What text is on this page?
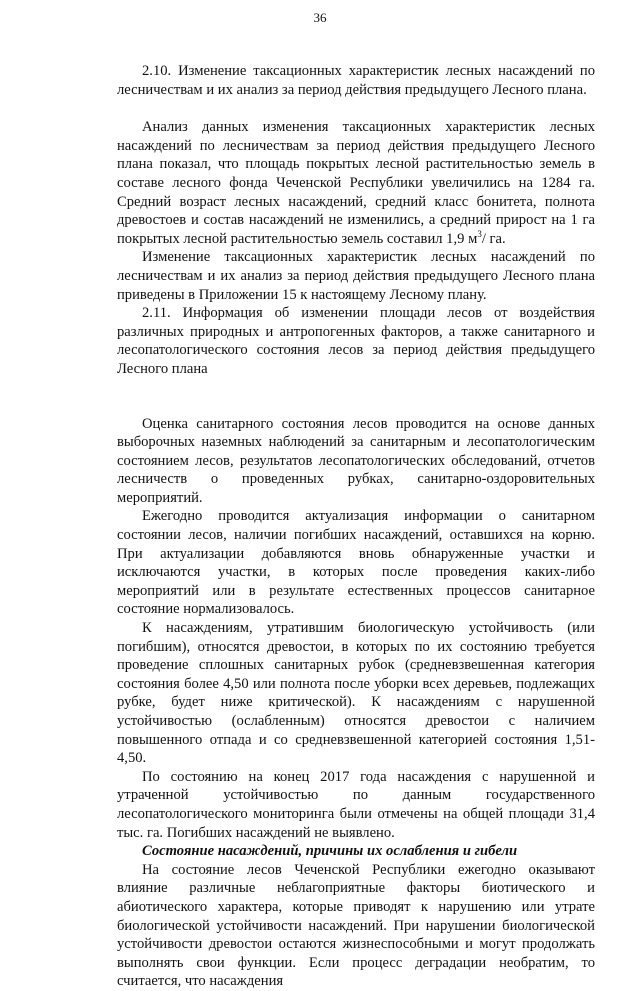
36

2.10. Изменение таксационных характеристик лесных насаждений по лесничествам и их анализ за период действия предыдущего Лесного плана.

Анализ данных изменения таксационных характеристик лесных насаждений по лесничествам за период действия предыдущего Лесного плана показал, что площадь покрытых лесной растительностью земель в составе лесного фонда Чеченской Республики увеличились на 1284 га. Средний возраст лесных насаждений, средний класс бонитета, полнота древостоев и состав насаждений не изменились, а средний прирост на 1 га покрытых лесной растительностью земель составил 1,9 $м^3/$ га.

Изменение таксационных характеристик лесных насаждений по лесничествам и их анализ за период действия предыдущего Лесного плана приведены в Приложении 15 к настоящему Лесному плану.

2.11. Информация об изменении площади лесов от воздействия различных природных и антропогенных факторов, а также санитарного и лесопатологического состояния лесов за период действия предыдущего Лесного плана

Оценка санитарного состояния лесов проводится на основе данных выборочных наземных наблюдений за санитарным и лесопатологическим состоянием лесов, результатов лесопатологических обследований, отчетов лесничеств о проведенных рубках, санитарно-оздоровительных мероприятий.

Ежегодно проводится актуализация информации о санитарном состоянии лесов, наличии погибших насаждений, оставшихся на корню. При актуализации добавляются вновь обнаруженные участки и исключаются участки, в которых после проведения каких-либо мероприятий или в результате естественных процессов санитарное состояние нормализовалось.

К насаждениям, утратившим биологическую устойчивость (или погибшим), относятся древостои, в которых по их состоянию требуется проведение сплошных санитарных рубок (средневзвешенная категория состояния более 4,50 или полнота после уборки всех деревьев, подлежащих рубке, будет ниже критической). К насаждениям с нарушенной устойчивостью (ослабленным) относятся древостои с наличием повышенного отпада и со средневзвешенной категорией состояния 1,51-4,50.

По состоянию на конец 2017 года насаждения с нарушенной и утраченной устойчивостью по данным государственного лесопатологического мониторинга были отмечены на общей площади 31,4 тыс. га. Погибших насаждений не выявлено.

Состояние насаждений, причины их ослабления и гибели

На состояние лесов Чеченской Республики ежегодно оказывают влияние различные неблагоприятные факторы биотического и абиотического характера, которые приводят к нарушению или утрате биологической устойчивости насаждений. При нарушении биологической устойчивости древостои остаются жизнеспособными и могут продолжать выполнять свои функции. Если процесс деградации необратим, то считается, что насаждения
